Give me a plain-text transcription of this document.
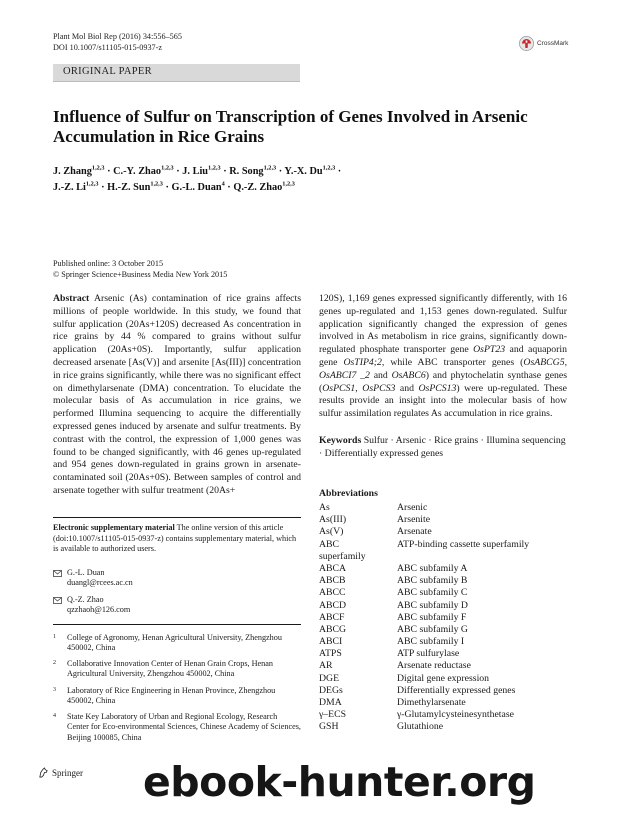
Plant Mol Biol Rep (2016) 34:556–565
DOI 10.1007/s11105-015-0937-z	CrossMark
ORIGINAL PAPER
Influence of Sulfur on Transcription of Genes Involved in Arsenic Accumulation in Rice Grains
J. Zhang$^{1,2,3}$ · C.-Y. Zhao$^{1,2,3}$ · J. Liu$^{1,2,3}$ · R. Song$^{1,2,3}$ · Y.-X. Du$^{1,2,3}$ ·
J.-Z. Li$^{1,2,3}$ · H.-Z. Sun$^{1,2,3}$ · G.-L. Duan$^4$ · Q.-Z. Zhao$^{1,2,3}$
Published online: 3 October 2015
© Springer Science+Business Media New York 2015
Abstract Arsenic (As) contamination of rice grains affects millions of people worldwide. In this study, we found that sulfur application (20As+120S) decreased As concentration in rice grains by 44 % compared to grains without sulfur application (20As+0S). Importantly, sulfur application decreased arsenate [As(V)] and arsenite [As(III)] concentration in rice grains significantly, while there was no significant effect on dimethylarsenate (DMA) concentration. To elucidate the molecular basis of As accumulation in rice grains, we performed Illumina sequencing to acquire the differentially expressed genes induced by arsenate and sulfur treatments. By contrast with the control, the expression of 1,000 genes was found to be changed significantly, with 46 genes up-regulated and 954 genes down-regulated in grains grown in arsenate-contaminated soil (20As+0S). Between samples of control and arsenate together with sulfur treatment (20As+
120S), 1,169 genes expressed significantly differently, with 16 genes up-regulated and 1,153 genes down-regulated. Sulfur application significantly changed the expression of genes involved in As metabolism in rice grains, significantly down-regulated phosphate transporter gene OsPT23 and aquaporin gene OsTIP4;2, while ABC transporter genes (OsABCG5, OsABCI7 _2 and OsABC6) and phytochelatin synthase genes (OsPCS1, OsPCS3 and OsPCS13) were up-regulated. These results provide an insight into the molecular basis of how sulfur assimilation regulates As accumulation in rice grains.
Keywords Sulfur · Arsenic · Rice grains · Illumina sequencing · Differentially expressed genes
Abbreviations
As	Arsenic
As(III)	Arsenite
As(V)	Arsenate
ABC	ATP-binding cassette superfamily
superfamily
ABCA	ABC subfamily A
ABCB	ABC subfamily B
ABCC	ABC subfamily C
ABCD	ABC subfamily D
ABCF	ABC subfamily F
ABCG	ABC subfamily G
ABCI	ABC subfamily I
ATPS	ATP sulfurylase
AR	Arsenate reductase
DGE	Digital gene expression
DEGs	Differentially expressed genes
DMA	Dimethylarsenate
γ–ECS	γ-Glutamylcysteinesynthetase
GSH	Glutathione
Electronic supplementary material The online version of this article (doi:10.1007/s11105-015-0937-z) contains supplementary material, which is available to authorized users.
G.-L. Duan
duangl@rcees.ac.cn
Q.-Z. Zhao
qzzhaoh@126.com
1	College of Agronomy, Henan Agricultural University, Zhengzhou 450002, China
2	Collaborative Innovation Center of Henan Grain Crops, Henan Agricultural University, Zhengzhou 450002, China
3	Laboratory of Rice Engineering in Henan Province, Zhengzhou 450002, China
4	State Key Laboratory of Urban and Regional Ecology, Research Center for Eco-environmental Sciences, Chinese Academy of Sciences, Beijing 100085, China
Springer ebook-hunter.org
